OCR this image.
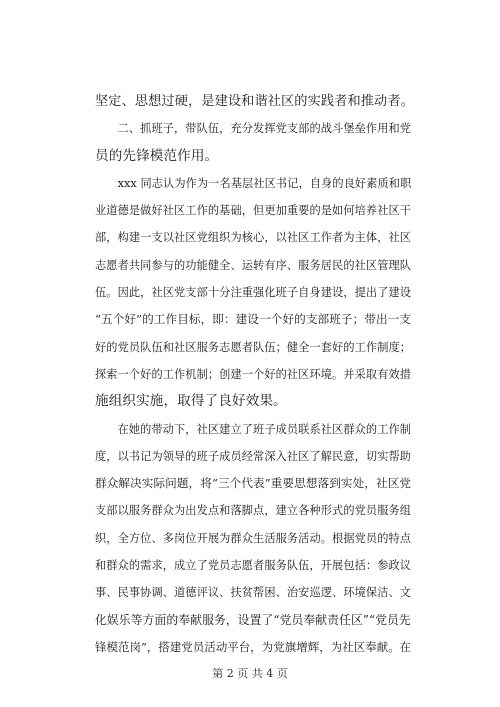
坚定、思想过硬，是建设和谐社区的实践者和推动者。
　　二、抓班子，带队伍，充分发挥党支部的战斗堡垒作用和党
员的先锋模范作用。
　　xxx 同志认为作为一名基层社区书记，自身的良好素质和职
业道德是做好社区工作的基础，但更加重要的是如何培养社区干
部，构建一支以社区党组织为核心，以社区工作者为主体，社区
志愿者共同参与的功能健全、运转有序、服务居民的社区管理队
伍。因此，社区党支部十分注重强化班子自身建设，提出了建设
“五个好”的工作目标，即：建设一个好的支部班子；带出一支
好的党员队伍和社区服务志愿者队伍；健全一套好的工作制度；
探索一个好的工作机制；创建一个好的社区环境。并采取有效措
施组织实施，取得了良好效果。
　　在她的带动下，社区建立了班子成员联系社区群众的工作制
度，以书记为领导的班子成员经常深入社区了解民意，切实帮助
群众解决实际问题，将“三个代表”重要思想落到实处，社区党
支部以服务群众为出发点和落脚点，建立各种形式的党员服务组
织，全方位、多岗位开展为群众生活服务活动。根据党员的特点
和群众的需求，成立了党员志愿者服务队伍，开展包括：参政议
事、民事协调、道德评议、扶贫帮困、治安巡逻、环境保洁、文
化娱乐等方面的奉献服务，设置了“党员奉献责任区”“党员先
锋模范岗”，搭建党员活动平台，为党旗增辉，为社区奉献。在
第 2 页 共 4 页
